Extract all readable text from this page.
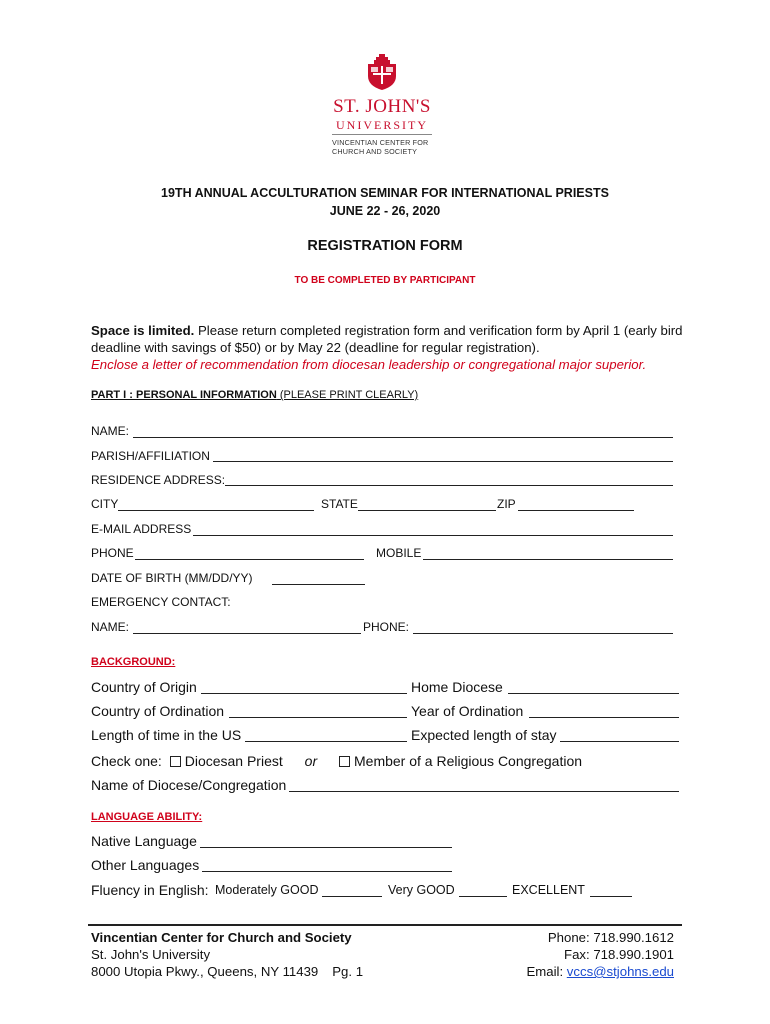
ST. JOHN'S
UNIVERSITY
VINCENTIAN CENTER FOR
CHURCH AND SOCIETY
19TH ANNUAL ACCULTURATION SEMINAR FOR INTERNATIONAL PRIESTS
JUNE 22 - 26, 2020
REGISTRATION FORM
TO BE COMPLETED BY PARTICIPANT
Space is limited. Please return completed registration form and verification form by April 1 (early bird deadline with savings of $50) or by May 22 (deadline for regular registration).
Enclose a letter of recommendation from diocesan leadership or congregational major superior.
PART I : PERSONAL INFORMATION (PLEASE PRINT CLEARLY)
NAME:
PARISH/AFFILIATION
RESIDENCE ADDRESS:
CITY	STATE	ZIP
E-MAIL ADDRESS
PHONE	MOBILE
DATE OF BIRTH (MM/DD/YY)
EMERGENCY CONTACT:
NAME:	PHONE:
BACKGROUND:
Country of Origin	Home Diocese
Country of Ordination	Year of Ordination
Length of time in the US	Expected length of stay
Check one: Diocesan Priest or	Member of a Religious Congregation
Name of Diocese/Congregation
LANGUAGE ABILITY:
Native Language
Other Languages
Fluency in English: Moderately GOOD	Very GOOD	EXCELLENT
Vincentian Center for Church and Society
St. John's University
8000 Utopia Pkwy., Queens, NY 11439 Pg. 1
Phone: 718.990.1612
Fax: 718.990.1901
Email: vccs@stjohns.edu
